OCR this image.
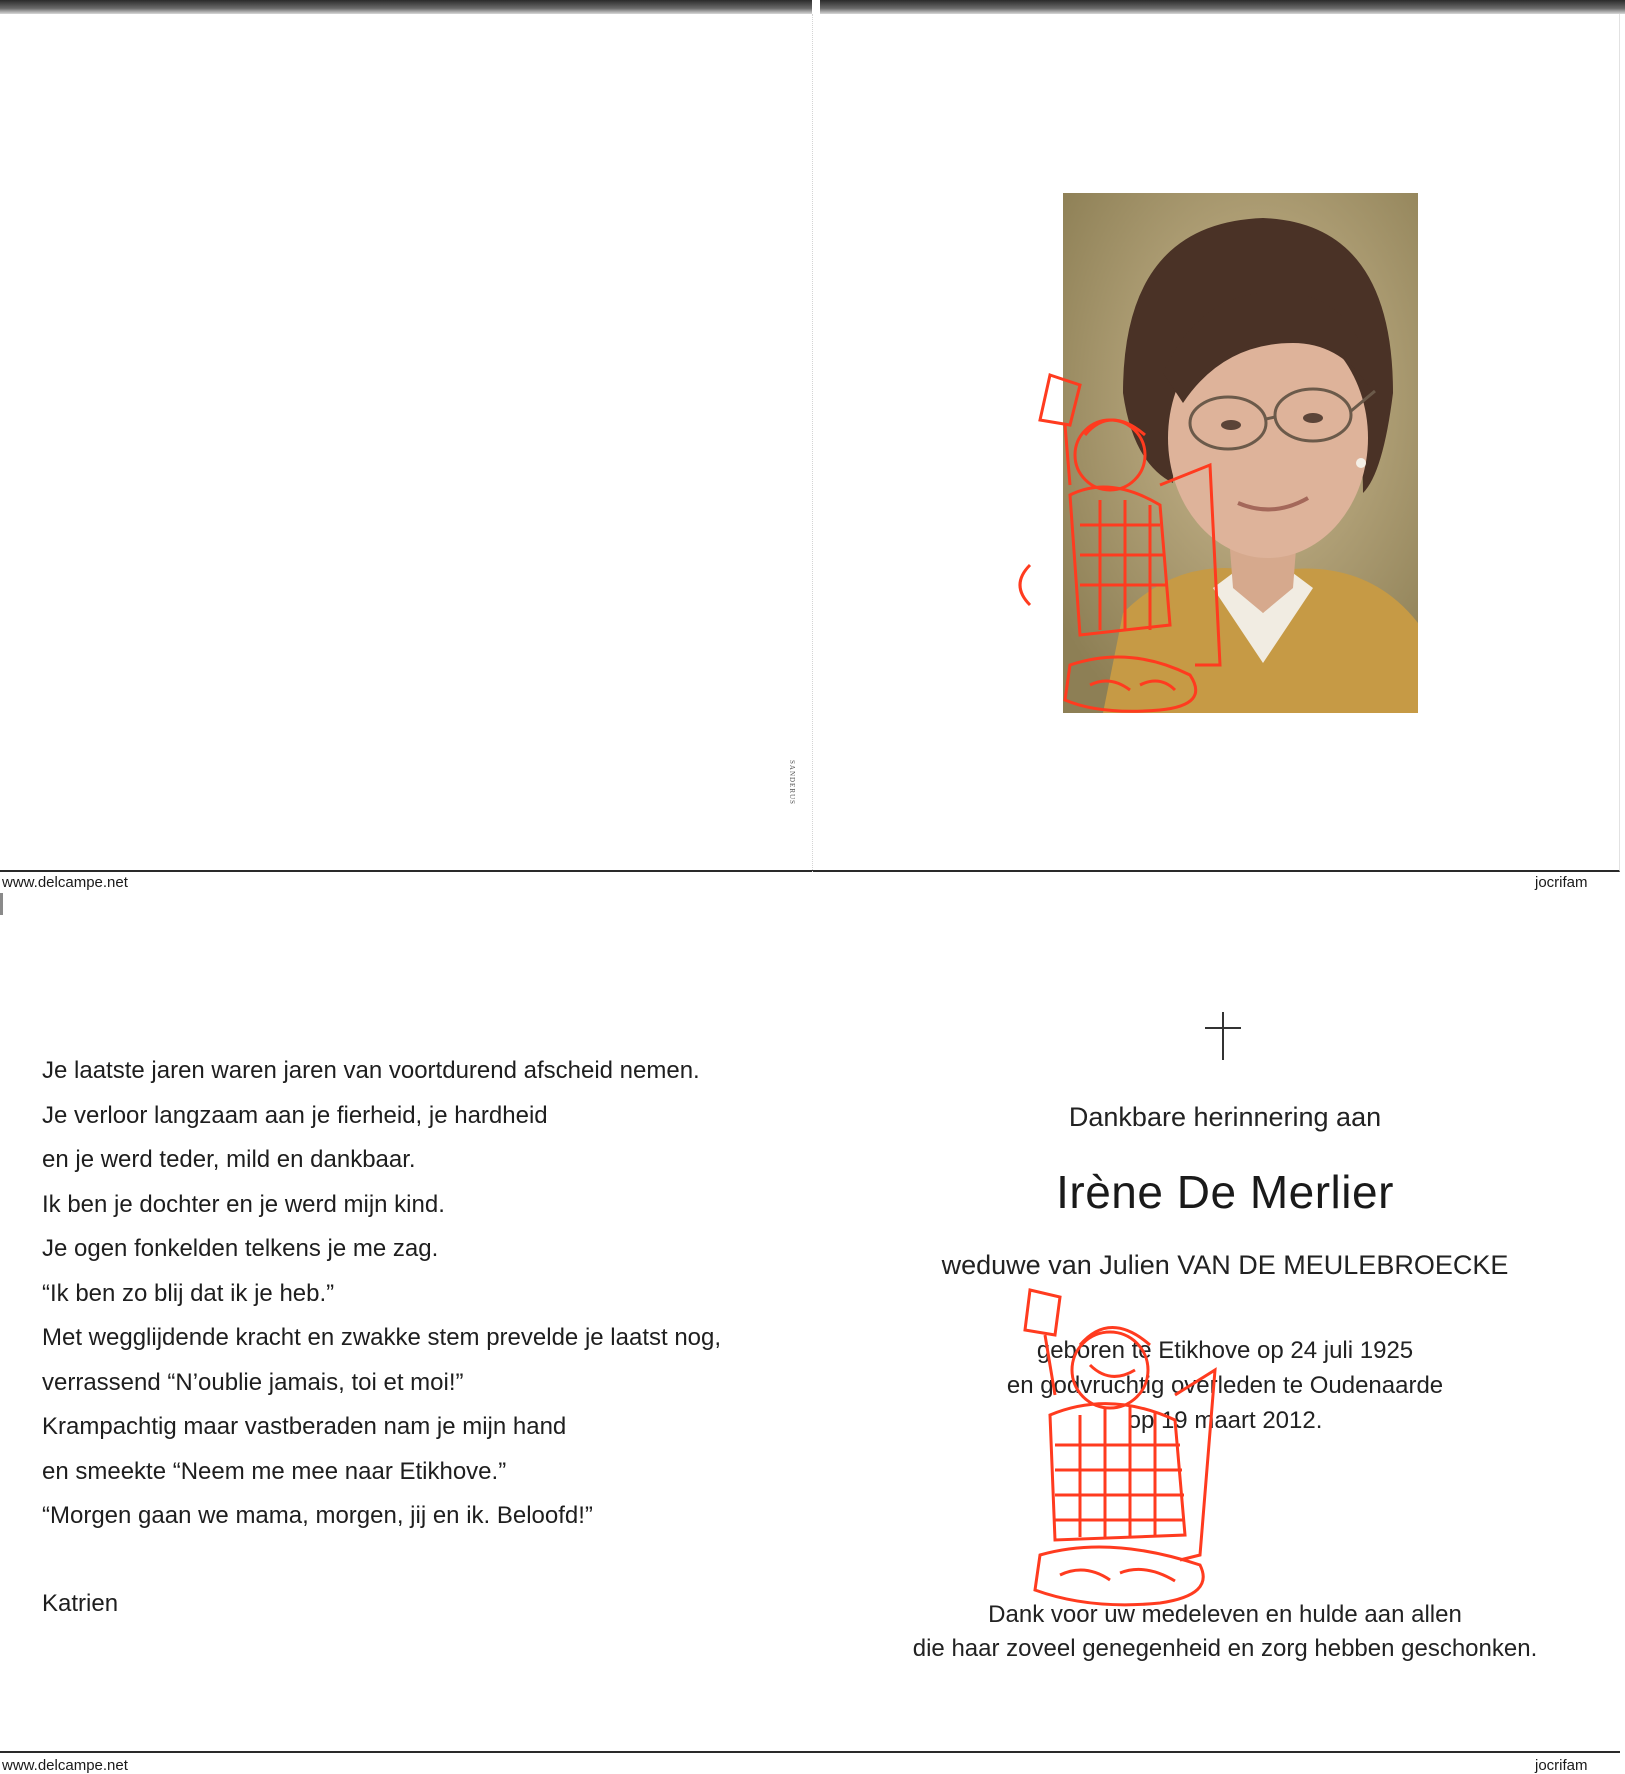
SANDERUS
www.delcampe.net	jocrifam
www.delcampe.net	jocrifam
Je laatste jaren waren jaren van voortdurend afscheid nemen.
Je verloor langzaam aan je fierheid, je hardheid
en je werd teder, mild en dankbaar.
Ik ben je dochter en je werd mijn kind.
Je ogen fonkelden telkens je me zag.
“Ik ben zo blij dat ik je heb.”
Met wegglijdende kracht en zwakke stem prevelde je laatst nog,
verrassend “N’oublie jamais, toi et moi!”
Krampachtig maar vastberaden nam je mijn hand
en smeekte “Neem me mee naar Etikhove.”
“Morgen gaan we mama, morgen, jij en ik. Beloofd!”
Katrien
Dankbare herinnering aan
Irène De Merlier
weduwe van Julien VAN DE MEULEBROECKE
geboren te Etikhove op 24 juli 1925
en godvruchtig overleden te Oudenaarde
op 19 maart 2012.
Dank voor uw medeleven en hulde aan allen
die haar zoveel genegenheid en zorg hebben geschonken.
